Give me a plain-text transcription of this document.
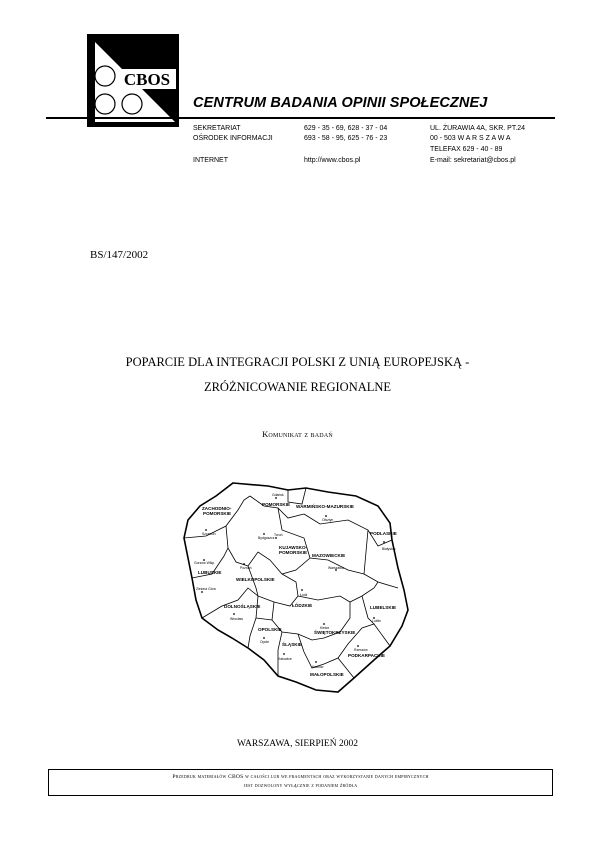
CBOS
CENTRUM BADANIA OPINII SPOŁECZNEJ
SEKRETARIAT
OŚRODEK INFORMACJI
INTERNET
629 - 35 - 69, 628 - 37 - 04
693 - 58 - 95, 625 - 76 - 23
http://www.cbos.pl
UL. ŻURAWIA 4A, SKR. PT.24
00 - 503 W A R S Z A W A
TELEFAX 629 - 40 - 89
E-mail: sekretariat@cbos.pl
BS/147/2002
POPARCIE DLA INTEGRACJI POLSKI Z UNIĄ EUROPEJSKĄ -
ZRÓŻNICOWANIE REGIONALNE
Komunikat z badań
ZACHODNIO-
POMORSKIE
POMORSKIE WARMIŃSKO-MAZURSKIE
PODLASKIE
KUJAWSKO-
POMORSKIE
MAZOWIECKIE
LUBUSKIE
WIELKOPOLSKIE
ŁÓDZKIE
DOLNOŚLĄSKIE	LUBELSKIE
OPOLSKIE
ŚWIĘTOKRZYSKIE
ŚLĄSKIE
PODKARPACKIE
MAŁOPOLSKIE
Gdańsk
Olsztyn
Szczecin
Białystok
Bydgoszcz
Toruń
Gorzów Wlkp.
Poznań	Warszawa
Zielona Góra
Łódź
Lublin
Wrocław
Kielce
Opole
Katowice
Kraków
Rzeszów
WARSZAWA, SIERPIEŃ 2002
Przedruk materiałów CBOS w całości lub we fragmentach oraz wykorzystanie danych empirycznych
jest dozwolony wyłącznie z podaniem źródła
